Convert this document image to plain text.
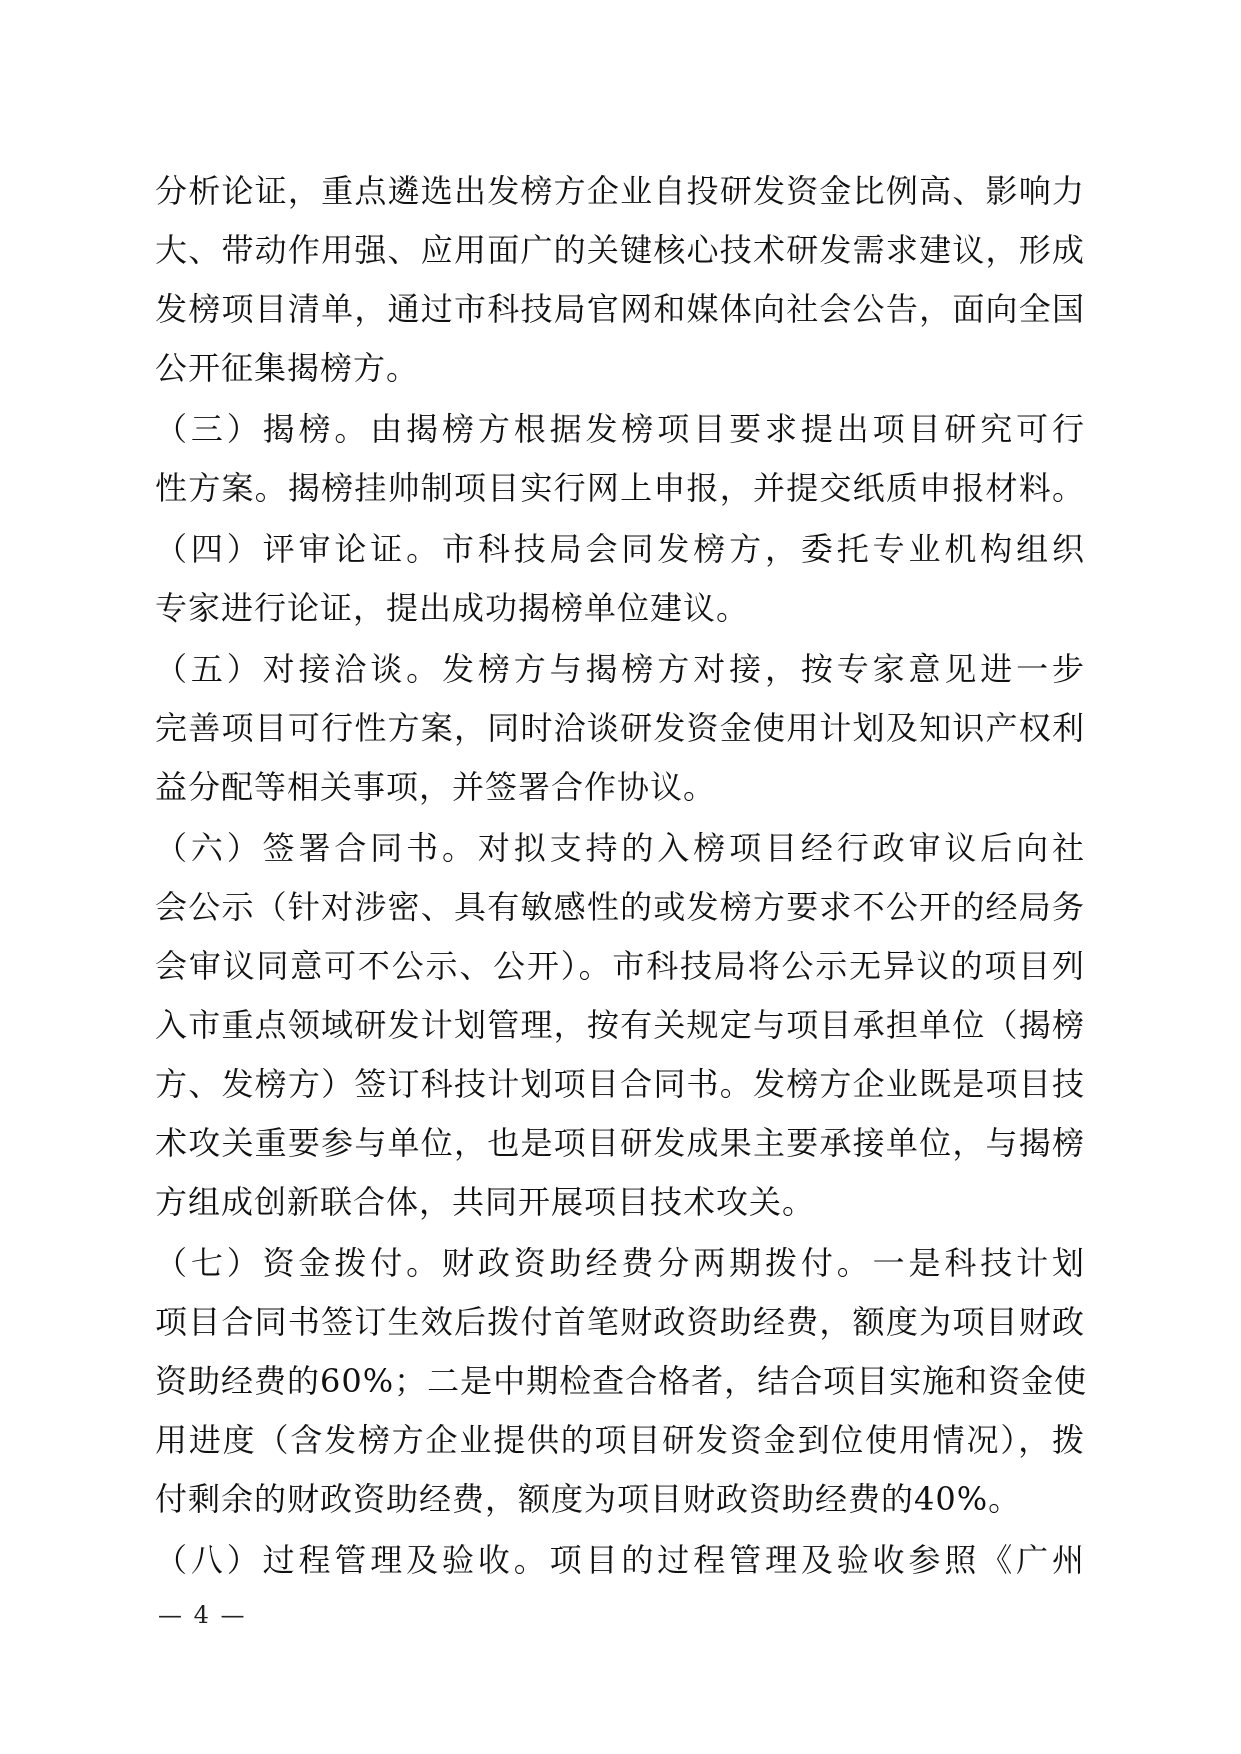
分析论证，重点遴选出发榜方企业自投研发资金比例高、影响力
大、带动作用强、应用面广的关键核心技术研发需求建议，形成
发榜项目清单，通过市科技局官网和媒体向社会公告，面向全国
公开征集揭榜方。
（三）揭榜。由揭榜方根据发榜项目要求提出项目研究可行
性方案。揭榜挂帅制项目实行网上申报，并提交纸质申报材料。
（四）评审论证。市科技局会同发榜方，委托专业机构组织
专家进行论证，提出成功揭榜单位建议。
（五）对接洽谈。发榜方与揭榜方对接，按专家意见进一步
完善项目可行性方案，同时洽谈研发资金使用计划及知识产权利
益分配等相关事项，并签署合作协议。
（六）签署合同书。对拟支持的入榜项目经行政审议后向社
会公示（针对涉密、具有敏感性的或发榜方要求不公开的经局务
会审议同意可不公示、公开）。市科技局将公示无异议的项目列
入市重点领域研发计划管理，按有关规定与项目承担单位（揭榜
方、发榜方）签订科技计划项目合同书。发榜方企业既是项目技
术攻关重要参与单位，也是项目研发成果主要承接单位，与揭榜
方组成创新联合体，共同开展项目技术攻关。
（七）资金拨付。财政资助经费分两期拨付。一是科技计划
项目合同书签订生效后拨付首笔财政资助经费，额度为项目财政
资助经费的60%；二是中期检查合格者，结合项目实施和资金使
用进度（含发榜方企业提供的项目研发资金到位使用情况），拨
付剩余的财政资助经费，额度为项目财政资助经费的40%。
（八）过程管理及验收。项目的过程管理及验收参照《广州
— 4 —
